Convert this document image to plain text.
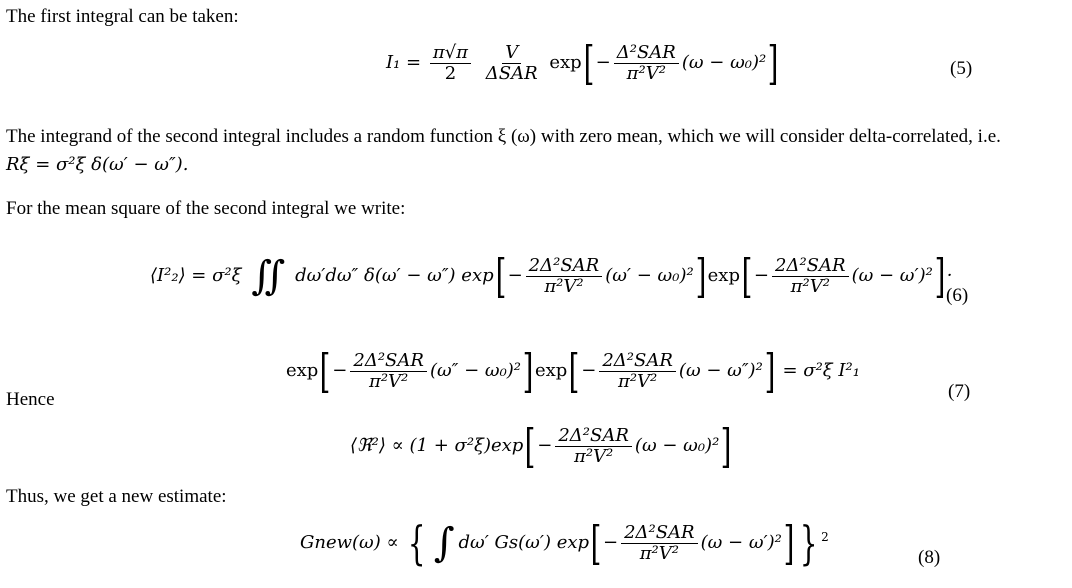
The first integral can be taken:
The integrand of the second integral includes a random function ξ (ω) with zero mean, which we will consider delta-correlated, i.e.
For the mean square of the second integral we write:
Hence
Thus, we get a new estimate:
$I_1 = \frac{\pi√\pi}{2}$
$\frac{V}{\text{ΔSAR}} \exp[- \frac{\text{Δ²SAR}}{\text{π²V²}} (\omega - \omega_0)^2]$	(5)
Rξ = σ²ξ δ(ω′ − ω″).
⟨I²₂⟩ = σ²ξ ∬ dω′dω″ δ(ω′ − ω″) $\exp[- \frac{\text{2Δ²SAR}}{\text{π²V²}} (\omega' - \omega_0)^2]\exp[- \frac{\text{2Δ²SAR}}{\text{π²V²}} (\omega - \omega')^2]\cdot$
(6)
$\exp[- \frac{\text{2Δ²SAR}}{\text{π²V²}} (\omega'' - \omega_0)^2]\exp[- \frac{\text{2Δ²SAR}}{\text{π²V²}} (\omega - \omega'')^2] = \sigma^2\xi$ I²₁
(7)
⟨ℜ²⟩ ∝ $(1 + \sigma^2\xi)\exp[- \frac{\text{2Δ²SAR}}{\text{π²V²}} (\omega - \omega_0)^2]$
Gnew(ω) ∝ { ∫ dω′ Gs(ω′) $\exp[- \frac{\text{2Δ²SAR}}{\text{π²V²}} (\omega - \omega')^2]$ } $^2$
(8)
